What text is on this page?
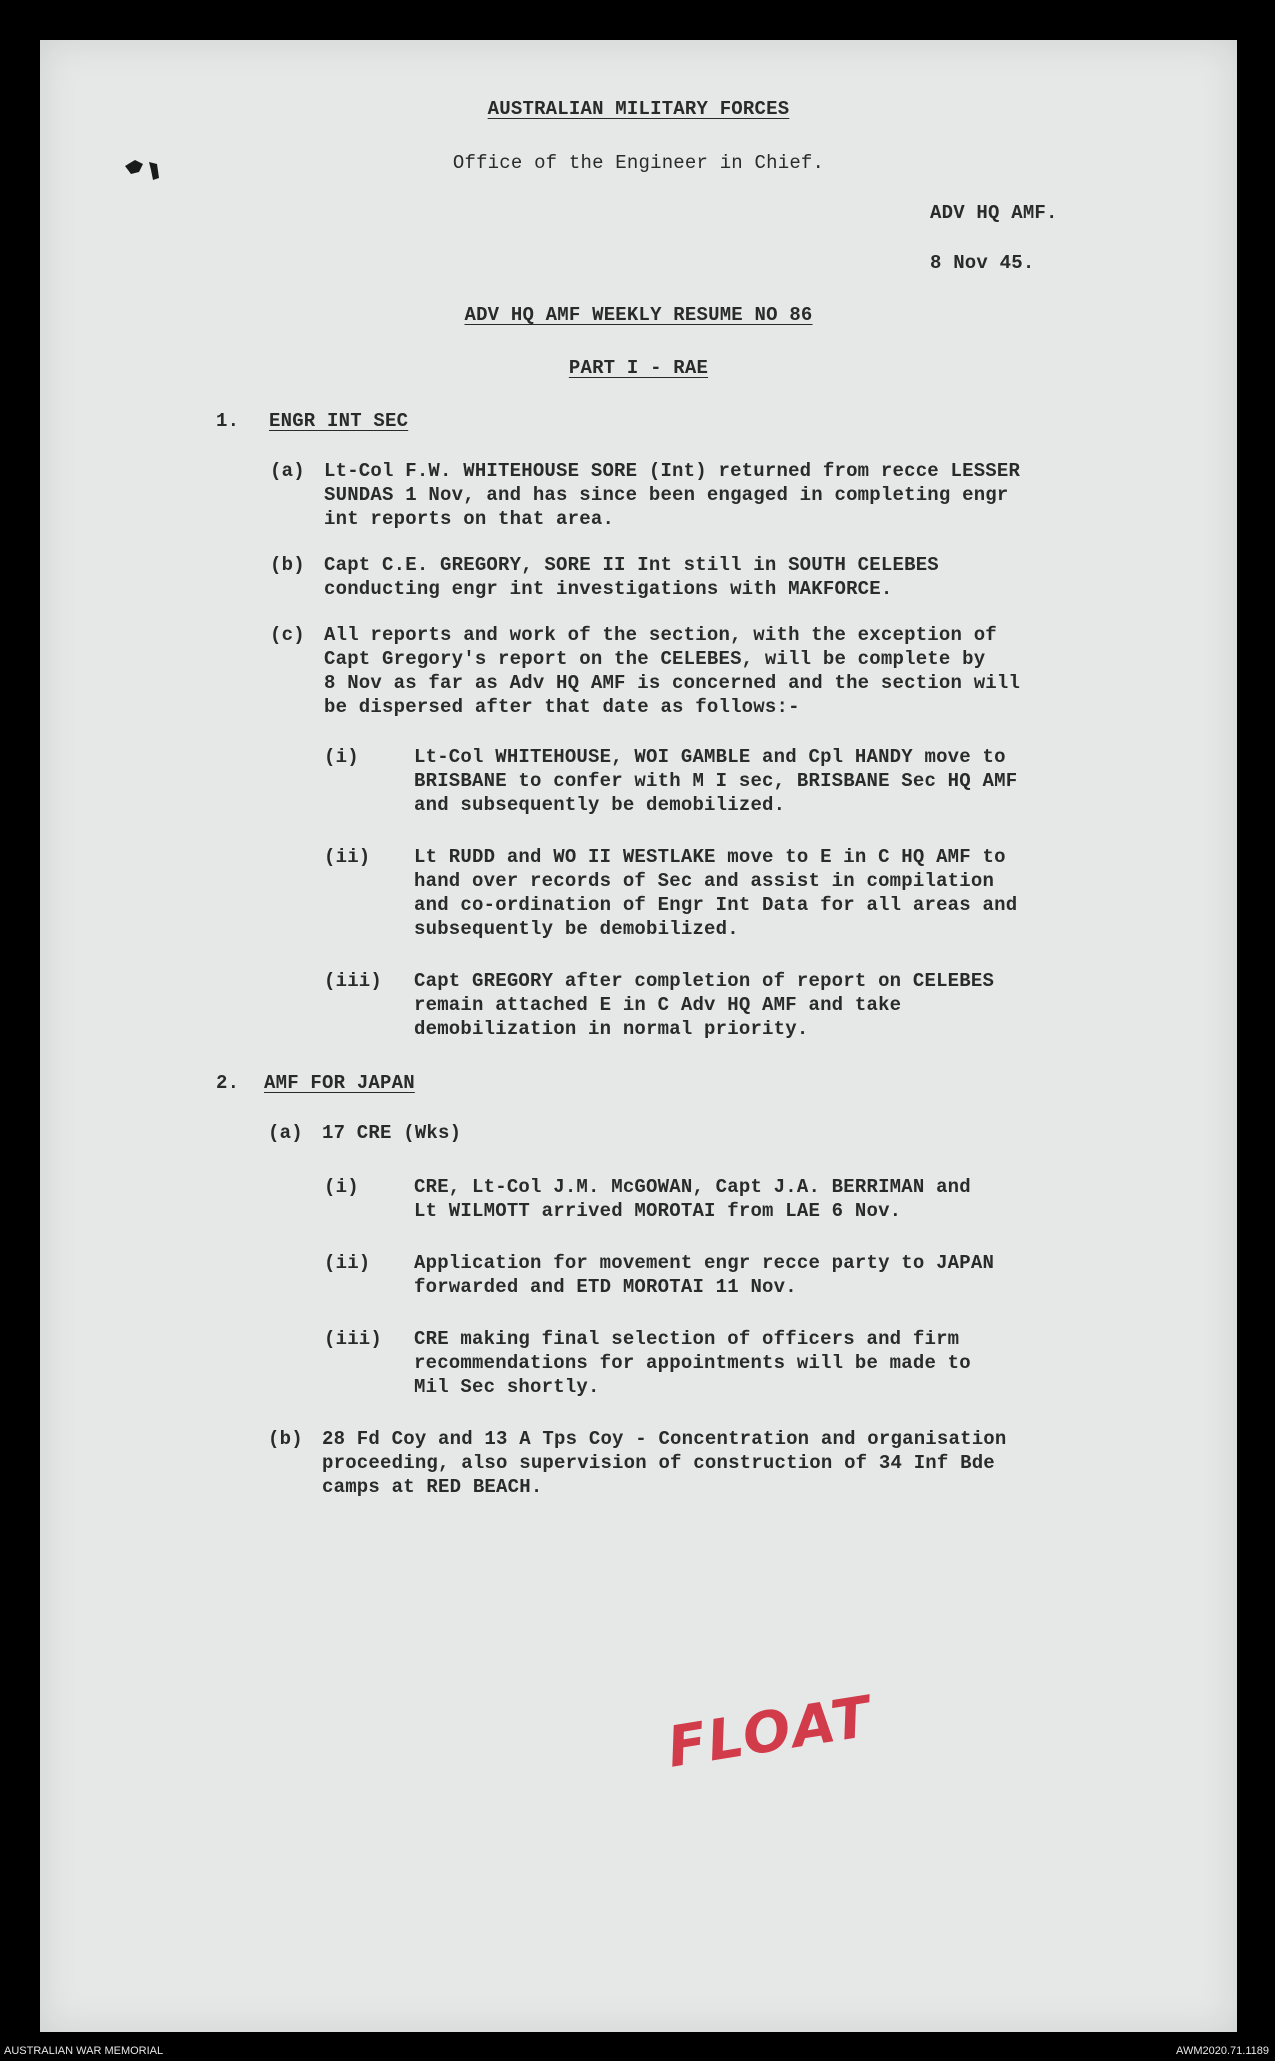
AUSTRALIAN MILITARY FORCES
Office of the Engineer in Chief.
ADV HQ AMF.
8 Nov 45.
ADV HQ AMF WEEKLY RESUME NO 86
PART I - RAE
1. ENGR INT SEC
(a) Lt-Col F.W. WHITEHOUSE SORE (Int) returned from recce LESSER
SUNDAS 1 Nov, and has since been engaged in completing engr
int reports on that area.
(b) Capt C.E. GREGORY, SORE II Int still in SOUTH CELEBES
conducting engr int investigations with MAKFORCE.
(c) All reports and work of the section, with the exception of
Capt Gregory's report on the CELEBES, will be complete by
8 Nov as far as Adv HQ AMF is concerned and the section will
be dispersed after that date as follows:-
(i)	Lt-Col WHITEHOUSE, WOI GAMBLE and Cpl HANDY move to
BRISBANE to confer with M I sec, BRISBANE Sec HQ AMF
and subsequently be demobilized.
(ii) Lt RUDD and WO II WESTLAKE move to E in C HQ AMF to
hand over records of Sec and assist in compilation
and co-ordination of Engr Int Data for all areas and
subsequently be demobilized.
(iii) Capt GREGORY after completion of report on CELEBES
remain attached E in C Adv HQ AMF and take
demobilization in normal priority.
2. AMF FOR JAPAN
(a) 17 CRE (Wks)
(i)	CRE, Lt-Col J.M. McGOWAN, Capt J.A. BERRIMAN and
Lt WILMOTT arrived MOROTAI from LAE 6 Nov.
(ii) Application for movement engr recce party to JAPAN
forwarded and ETD MOROTAI 11 Nov.
(iii) CRE making final selection of officers and firm
recommendations for appointments will be made to
Mil Sec shortly.
(b) 28 Fd Coy and 13 A Tps Coy - Concentration and organisation
proceeding, also supervision of construction of 34 Inf Bde
camps at RED BEACH.
FLOAT
AUSTRALIAN WAR MEMORIAL	AWM2020.71.1189
